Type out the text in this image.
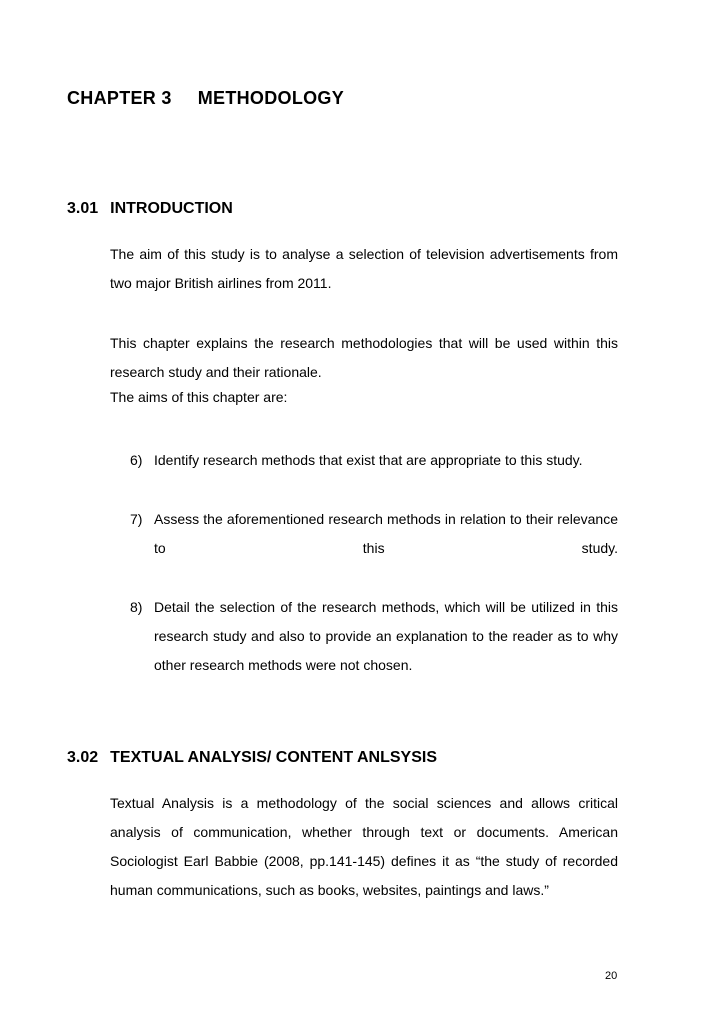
CHAPTER 3 METHODOLOGY
3.01 INTRODUCTION
The aim of this study is to analyse a selection of television advertisements from two major British airlines from 2011.
This chapter explains the research methodologies that will be used within this research study and their rationale.
The aims of this chapter are:
6) Identify research methods that exist that are appropriate to this study.
7) Assess the aforementioned research methods in relation to their relevance to this study.
8) Detail the selection of the research methods, which will be utilized in this research study and also to provide an explanation to the reader as to why other research methods were not chosen.
3.02 TEXTUAL ANALYSIS/ CONTENT ANLSYSIS
Textual Analysis is a methodology of the social sciences and allows critical analysis of communication, whether through text or documents. American Sociologist Earl Babbie (2008, pp.141-145) defines it as “the study of recorded human communications, such as books, websites, paintings and laws.”
20
